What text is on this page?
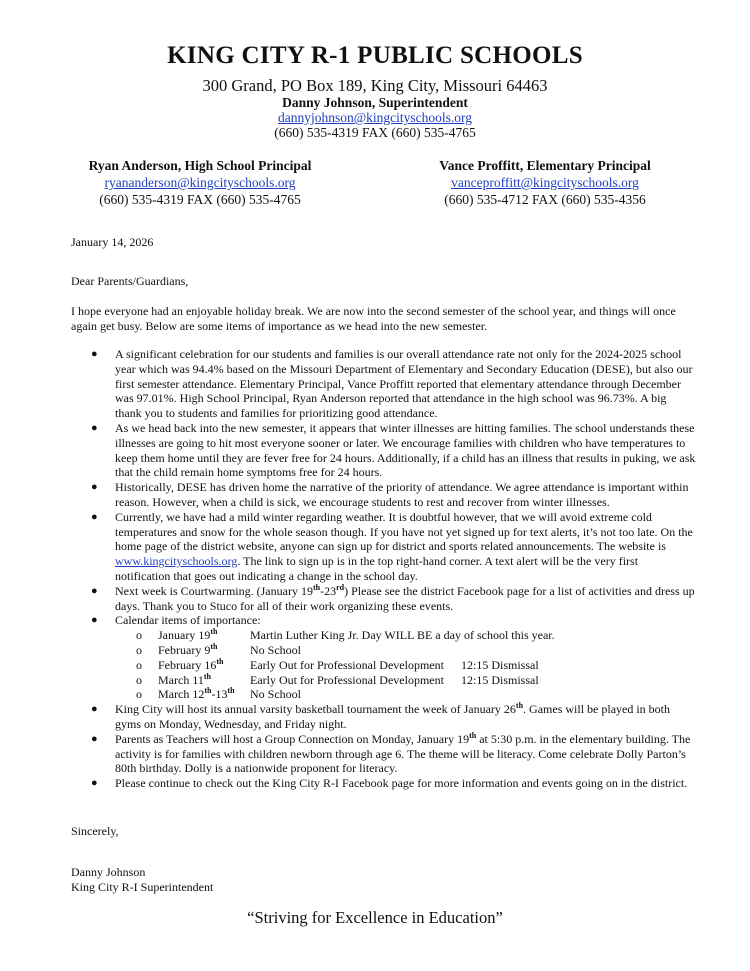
KING CITY R-1 PUBLIC SCHOOLS
300 Grand, PO Box 189, King City, Missouri 64463
Danny Johnson, Superintendent
dannyjohnson@kingcityschools.org
(660) 535-4319 FAX (660) 535-4765
Ryan Anderson, High School Principal
ryananderson@kingcityschools.org
(660) 535-4319 FAX (660) 535-4765
Vance Proffitt, Elementary Principal
vanceproffitt@kingcityschools.org
(660) 535-4712 FAX (660) 535-4356
January 14, 2026
Dear Parents/Guardians,
I hope everyone had an enjoyable holiday break. We are now into the second semester of the school year, and things will once again get busy. Below are some items of importance as we head into the new semester.
● A significant celebration for our students and families is our overall attendance rate not only for the 2024-2025 school year which was 94.4% based on the Missouri Department of Elementary and Secondary Education (DESE), but also our first semester attendance. Elementary Principal, Vance Proffitt reported that elementary attendance through December was 97.01%. High School Principal, Ryan Anderson reported that attendance in the high school was 96.73%. A big thank you to students and families for prioritizing good attendance.
● As we head back into the new semester, it appears that winter illnesses are hitting families. The school understands these illnesses are going to hit most everyone sooner or later. We encourage families with children who have temperatures to keep them home until they are fever free for 24 hours. Additionally, if a child has an illness that results in puking, we ask that the child remain home symptoms free for 24 hours.
● Historically, DESE has driven home the narrative of the priority of attendance. We agree attendance is important within reason. However, when a child is sick, we encourage students to rest and recover from winter illnesses.
● Currently, we have had a mild winter regarding weather. It is doubtful however, that we will avoid extreme cold temperatures and snow for the whole season though. If you have not yet signed up for text alerts, it’s not too late. On the home page of the district website, anyone can sign up for district and sports related announcements. The website is www.kingcityschools.org. The link to sign up is in the top right-hand corner. A text alert will be the very first notification that goes out indicating a change in the school day.
● Next week is Courtwarming. (January 19th-23rd) Please see the district Facebook page for a list of activities and dress up days. Thank you to Stuco for all of their work organizing these events.
● Calendar items of importance:
o January 19th	Martin Luther King Jr. Day WILL BE a day of school this year.
o February 9th	No School
o February 16th Early Out for Professional Development 12:15 Dismissal
o March 11th	Early Out for Professional Development 12:15 Dismissal
o March 12th-13th No School
● King City will host its annual varsity basketball tournament the week of January 26th. Games will be played in both gyms on Monday, Wednesday, and Friday night.
● Parents as Teachers will host a Group Connection on Monday, January 19th at 5:30 p.m. in the elementary building. The activity is for families with children newborn through age 6. The theme will be literacy. Come celebrate Dolly Parton’s 80th birthday. Dolly is a nationwide proponent for literacy.
● Please continue to check out the King City R-I Facebook page for more information and events going on in the district.
Sincerely,
Danny Johnson
King City R-I Superintendent
“Striving for Excellence in Education”
